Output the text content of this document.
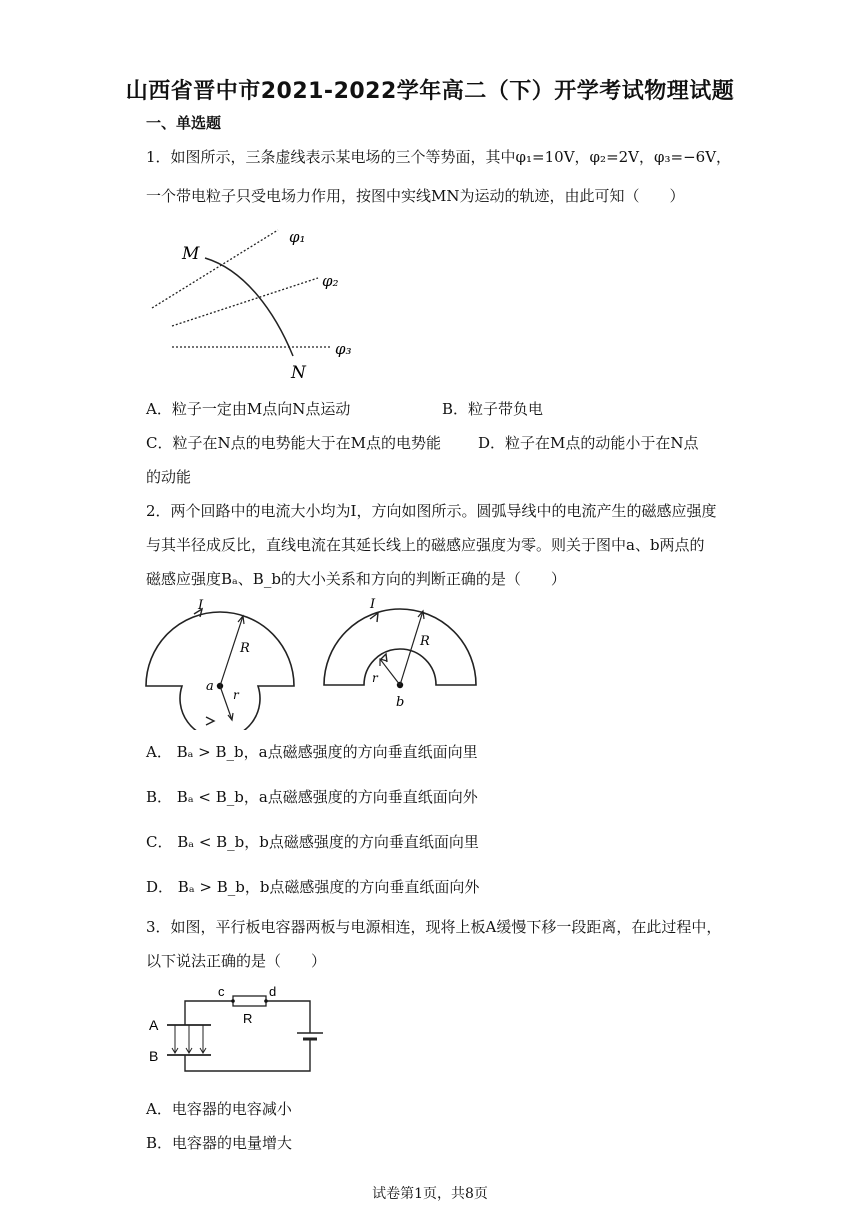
山西省晋中市2021-2022学年高二（下）开学考试物理试题
一、单选题
1．如图所示，三条虚线表示某电场的三个等势面，其中φ₁=10V，φ₂=2V，φ₃=−6V，
一个带电粒子只受电场力作用，按图中实线MN为运动的轨迹，由此可知（　　）
M
N
φ₁
φ₂
φ₃
A．粒子一定由M点向N点运动	B．粒子带负电
C．粒子在N点的电势能大于在M点的电势能 D．粒子在M点的动能小于在N点
的动能
2．两个回路中的电流大小均为I，方向如图所示。圆弧导线中的电流产生的磁感应强度
与其半径成反比，直线电流在其延长线上的磁感应强度为零。则关于图中a、b两点的
磁感应强度Bₐ、B_b的大小关系和方向的判断正确的是（　　）
I
R
a
r
I
R
r
b
A． Bₐ > B_b，a点磁感强度的方向垂直纸面向里
B． Bₐ < B_b，a点磁感强度的方向垂直纸面向外
C． Bₐ < B_b，b点磁感强度的方向垂直纸面向里
D． Bₐ > B_b，b点磁感强度的方向垂直纸面向外
3．如图，平行板电容器两板与电源相连，现将上板A缓慢下移一段距离，在此过程中，
以下说法正确的是（　　）
c	d
R
A
B
A．电容器的电容减小
B．电容器的电量增大
试卷第1页，共8页
